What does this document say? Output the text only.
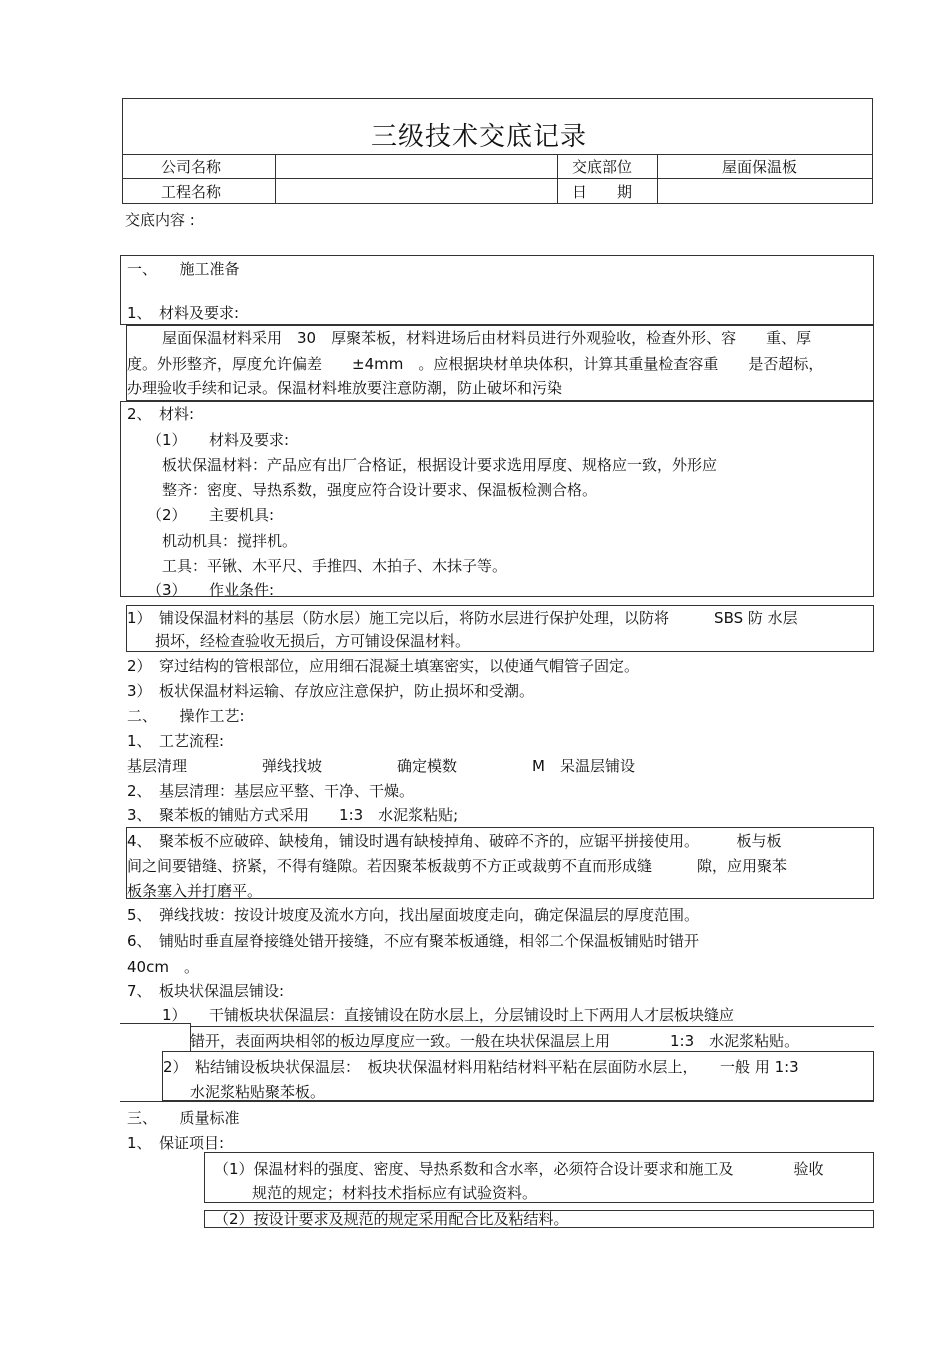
三级技术交底记录
公司名称	交底部位	屋面保温板
工程名称	日　　期
交底内容 :
一、　　施工准备
1、　材料及要求:
屋面保温材料采用　30　厚聚苯板，材料进场后由材料员进行外观验收，检查外形、容　　重、厚
度。外形整齐，厚度允许偏差　　±4mm　。应根据块材单块体积，计算其重量检查容重　　是否超标，
办理验收手续和记录。保温材料堆放要注意防潮，防止破坏和污染
2、　材料:
（1）　　材料及要求:
板状保温材料：产品应有出厂合格证，根据设计要求选用厚度、规格应一致，外形应
整齐：密度、导热系数，强度应符合设计要求、保温板检测合格。
（2）　　主要机具:
机动机具：搅拌机。
工具：平锹、木平尺、手推四、木拍子、木抹子等。
（3）　　作业条件:
1）　铺设保温材料的基层（防水层）施工完以后，将防水层进行保护处理，以防将　　　SBS 防 水层
损坏，经检查验收无损后，方可铺设保温材料。
2）　穿过结构的管根部位，应用细石混凝土填塞密实，以使通气帽管子固定。
3）　板状保温材料运输、存放应注意保护，防止损坏和受潮。
二、　　操作工艺:
1、　工艺流程:
基层清理　　　　　弹线找坡　　　　　确定模数　　　　　M　呆温层铺设
2、　基层清理：基层应平整、干净、干燥。
3、　聚苯板的铺贴方式采用　　1:3　水泥浆粘贴;
4、　聚苯板不应破碎、缺棱角，铺设时遇有缺棱掉角、破碎不齐的，应锯平拼接使用。　　　板与板
间之间要错缝、挤紧，不得有缝隙。若因聚苯板裁剪不方正或裁剪不直而形成缝　　　隙，应用聚苯
板条塞入并打磨平。
5、　弹线找坡：按设计坡度及流水方向，找出屋面坡度走向，确定保温层的厚度范围。
6、　铺贴时垂直屋脊接缝处错开接缝，不应有聚苯板通缝，相邻二个保温板铺贴时错开
40cm　。
7、　板块状保温层铺设:
1）　　干铺板块状保温层：直接铺设在防水层上，分层铺设时上下两用人才层板块缝应
错开，表面两块相邻的板边厚度应一致。一般在块状保温层上用　　　　1:3　水泥浆粘贴。
2）　粘结铺设板块状保温层：　板块状保温材料用粘结材料平粘在层面防水层上，　　一般 用 1:3
水泥浆粘贴聚苯板。
三、　　质量标准
1、　保证项目:
（1）保温材料的强度、密度、导热系数和含水率，必须符合设计要求和施工及　　　　验收
规范的规定；材料技术指标应有试验资料。
（2）按设计要求及规范的规定采用配合比及粘结料。
